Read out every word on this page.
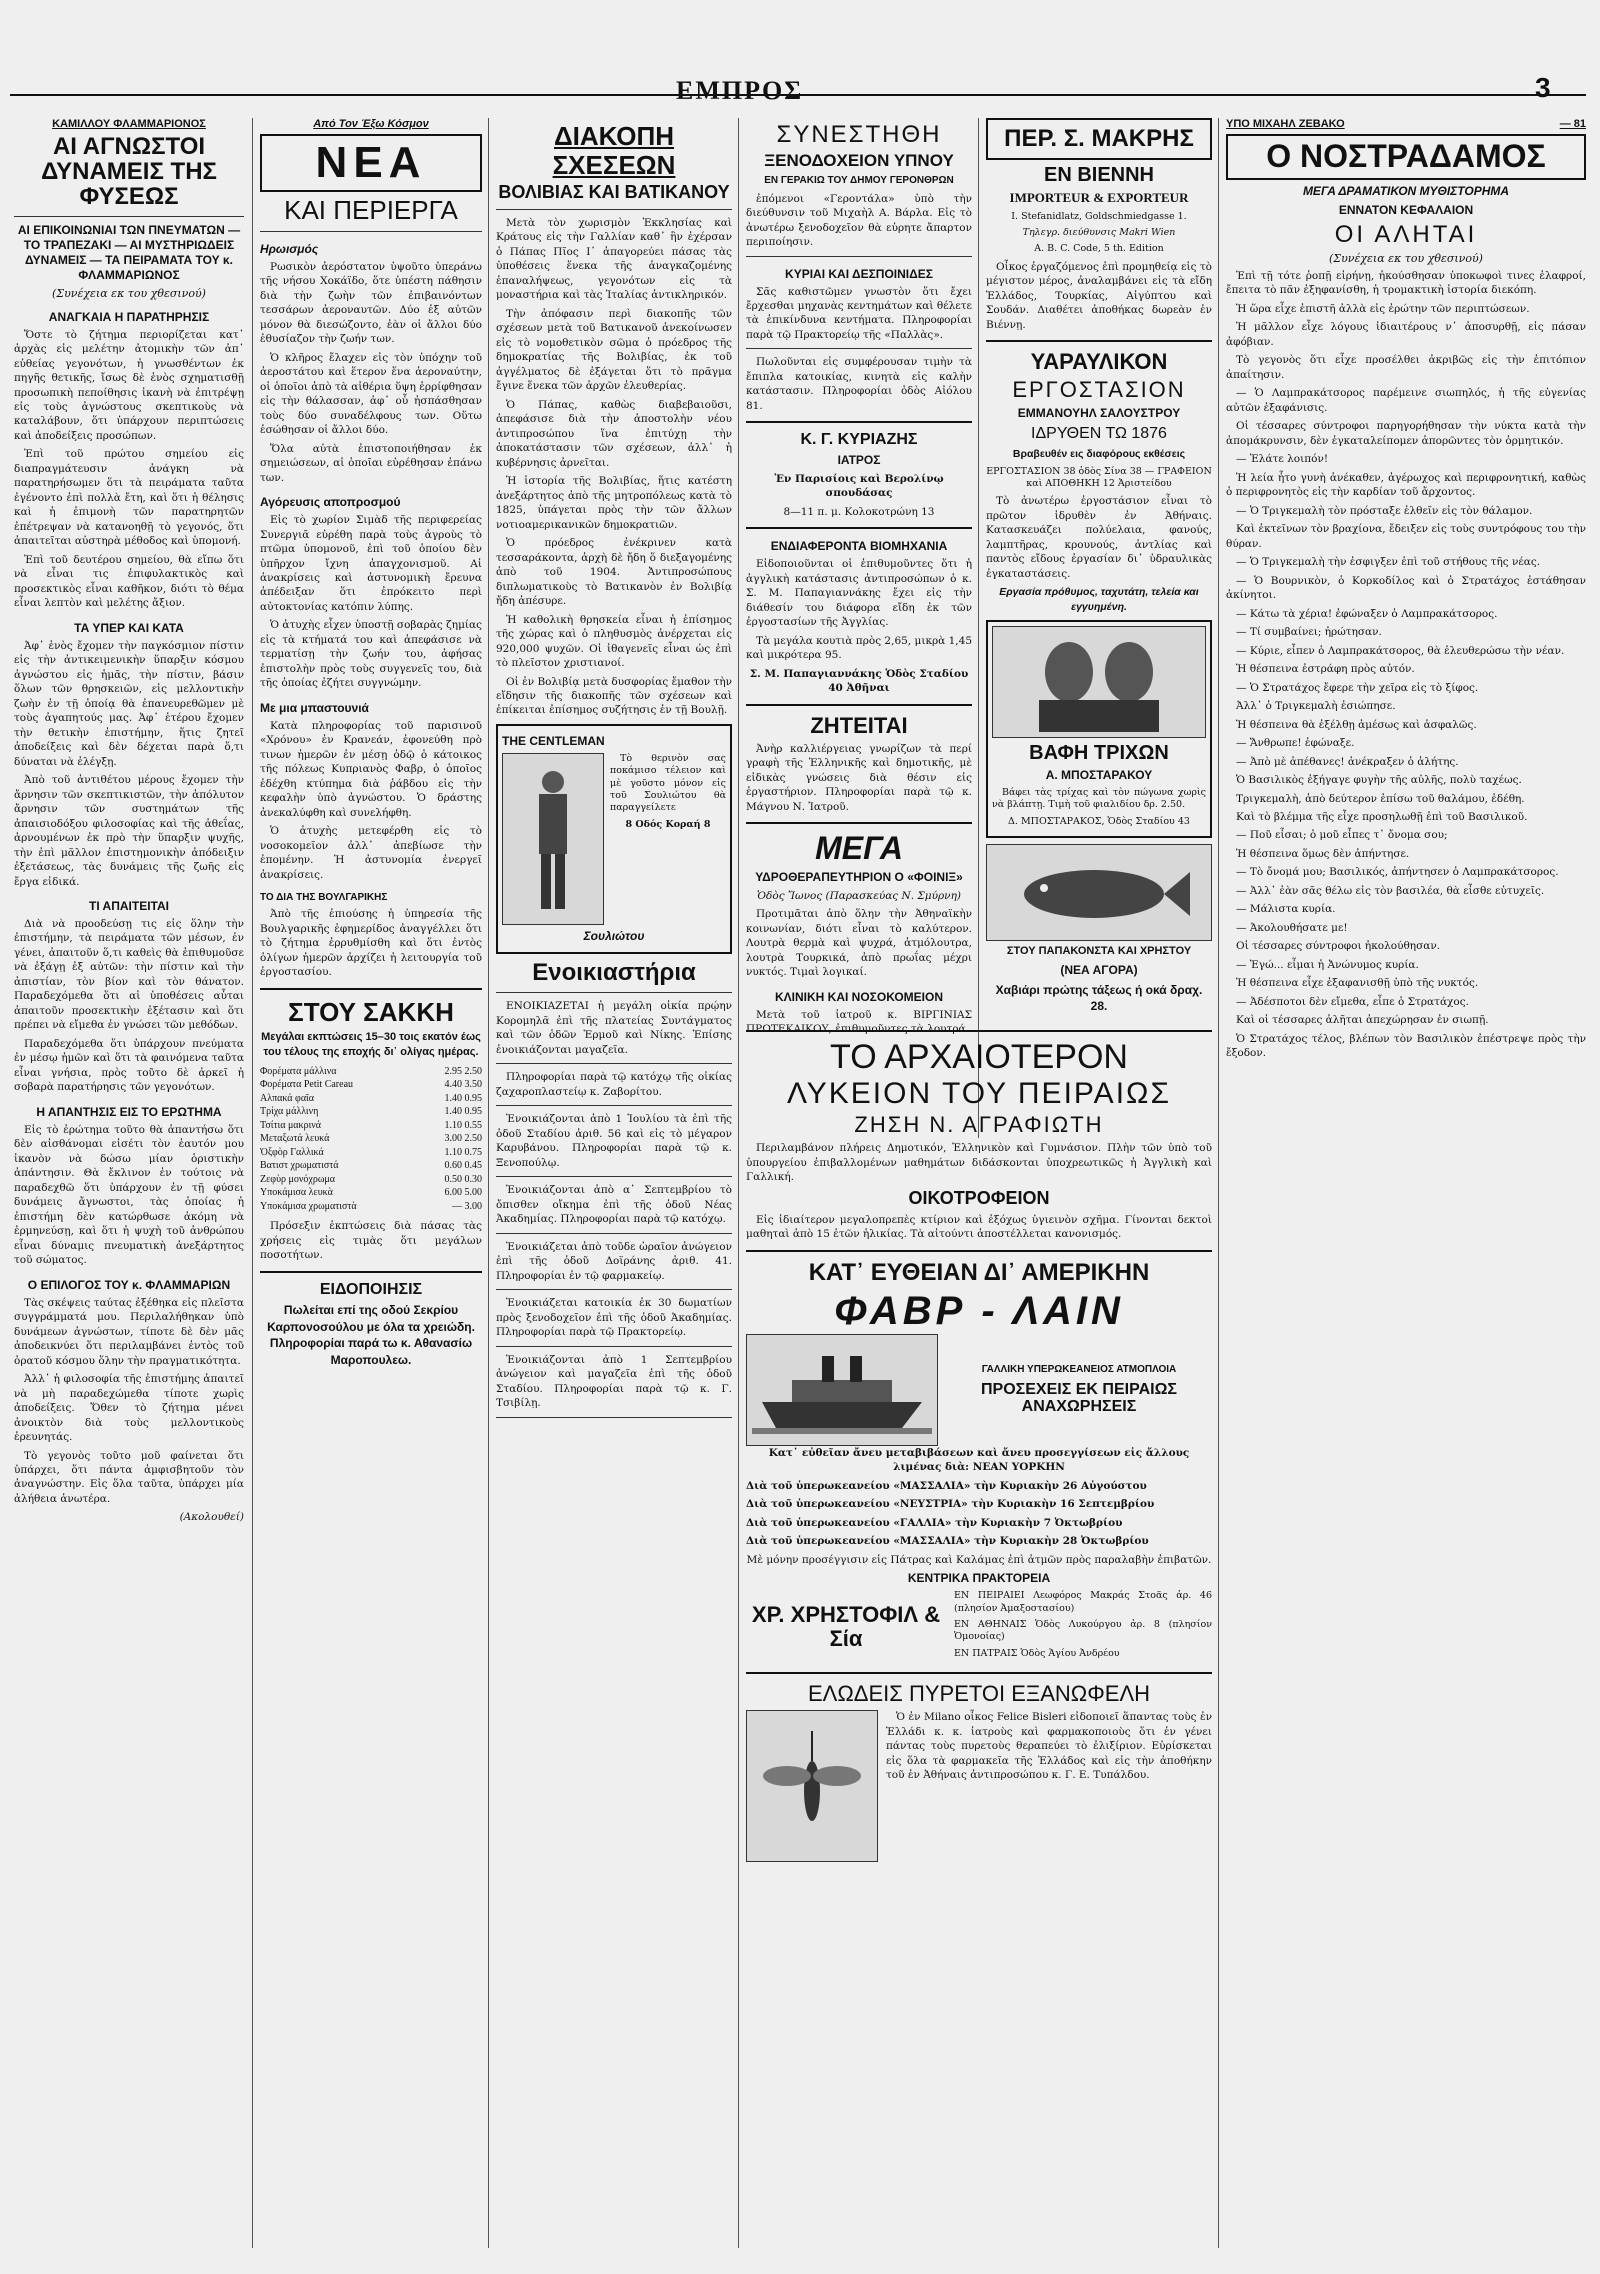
ΕΜΠΡΟΣ	3
ΚΑΜΙΛΛΟΥ ΦΛΑΜΜΑΡΙΟΝΟΣ
ΑΙ ΑΓΝΩΣΤΟΙ ΔΥΝΑΜΕΙΣ ΤΗΣ ΦΥΣΕΩΣ
ΑΙ ΕΠΙΚΟΙΝΩΝΙΑΙ ΤΩΝ ΠΝΕΥΜΑΤΩΝ — ΤΟ ΤΡΑΠΕΖΑΚΙ — ΑΙ ΜΥΣΤΗΡΙΩΔΕΙΣ ΔΥΝΑΜΕΙΣ — ΤΑ ΠΕΙΡΑΜΑΤΑ ΤΟΥ κ. ΦΛΑΜΜΑΡΙΩΝΟΣ
(Συνέχεια εκ του χθεσινού)
ΑΝΑΓΚΑΙΑ Η ΠΑΡΑΤΗΡΗΣΙΣ

Ὅστε τὸ ζήτημα περιορίζεται κατ᾽ ἀρχὰς εἰς μελέτην ἀτομικὴν τῶν ἀπ᾽ εὐθείας γεγονότων, ἡ γνωσθέντων ἐκ πηγῆς θετικῆς, ἴσως δὲ ἐνὸς σχηματισθῇ προσωπικὴ πεποίθησις ἱκανὴ νὰ ἐπιτρέψῃ εἰς τοὺς ἀγνώστους σκεπτικοὺς νὰ καταλάβουν, ὅτι ὑπάρχουν περιπτώσεις καὶ ἀποδείξεις προσώπων.

Ἐπὶ τοῦ πρώτου σημείου εἰς διαπραγμάτευσιν ἀνάγκη νὰ παρατηρήσωμεν ὅτι τὰ πειράματα ταῦτα ἐγένοντο ἐπὶ πολλὰ ἔτη, καὶ ὅτι ἡ θέλησις καὶ ἡ ἐπιμονὴ τῶν παρατηρητῶν ἐπέτρεψαν νὰ κατανοηθῇ τὸ γεγονός, ὅτι ἀπαιτεῖται αὐστηρὰ μέθοδος καὶ ὑπομονή.

Ἐπὶ τοῦ δευτέρου σημείου, θὰ εἴπω ὅτι νὰ εἶναι τις ἐπιφυλακτικὸς καὶ προσεκτικὸς εἶναι καθῆκον, διότι τὸ θέμα εἶναι λεπτὸν καὶ μελέτης ἄξιον.

ΤΑ ΥΠΕΡ ΚΑΙ ΚΑΤΑ

Ἀφ᾽ ἑνὸς ἔχομεν τὴν παγκόσμιον πίστιν εἰς τὴν ἀντικειμενικὴν ὕπαρξιν κόσμου ἀγνώστου εἰς ἡμᾶς, τὴν πίστιν, βάσιν ὅλων τῶν θρησκειῶν, εἰς μελλοντικὴν ζωὴν ἐν τῇ ὁποίᾳ θὰ ἐπανευρεθῶμεν μὲ τοὺς ἀγαπητούς μας. Ἀφ᾽ ἑτέρου ἔχομεν τὴν θετικὴν ἐπιστήμην, ἥτις ζητεῖ ἀποδείξεις καὶ δὲν δέχεται παρὰ ὅ,τι δύναται νὰ ἐλέγξῃ.

Ἀπὸ τοῦ ἀντιθέτου μέρους ἔχομεν τὴν ἄρνησιν τῶν σκεπτικιστῶν, τὴν ἀπόλυτον ἄρνησιν τῶν συστημάτων τῆς ἀπαισιοδόξου φιλοσοφίας καὶ τῆς ἀθεΐας, ἀρνουμένων ἐκ πρὸ τὴν ὕπαρξιν ψυχῆς, τὴν ἐπὶ μᾶλλον ἐπιστημονικὴν ἀπόδειξιν ἐξετάσεως, τὰς δυνάμεις τῆς ζωῆς εἰς ἔργα εἰδικά.

ΤΙ ΑΠΑΙΤΕΙΤΑΙ

Διὰ νὰ προοδεύσῃ τις εἰς ὅλην τὴν ἐπιστήμην, τὰ πειράματα τῶν μέσων, ἐν γένει, ἀπαιτοῦν ὅ,τι καθεὶς θὰ ἐπιθυμοῦσε νὰ ἐξάγῃ ἐξ αὐτῶν: τὴν πίστιν καὶ τὴν ἀπιστίαν, τὸν βίον καὶ τὸν θάνατον. Παραδεχόμεθα ὅτι αἱ ὑποθέσεις αὗται ἀπαιτοῦν προσεκτικὴν ἐξέτασιν καὶ ὅτι πρέπει νὰ εἴμεθα ἐν γνώσει τῶν μεθόδων.

Παραδεχόμεθα ὅτι ὑπάρχουν πνεύματα ἐν μέσῳ ἡμῶν καὶ ὅτι τὰ φαινόμενα ταῦτα εἶναι γνήσια, πρὸς τοῦτο δὲ ἀρκεῖ ἡ σοβαρὰ παρατήρησις τῶν γεγονότων.

Η ΑΠΑΝΤΗΣΙΣ ΕΙΣ ΤΟ ΕΡΩΤΗΜΑ

Εἰς τὸ ἐρώτημα τοῦτο θὰ ἀπαντήσω ὅτι δὲν αἰσθάνομαι εἰσέτι τὸν ἑαυτόν μου ἱκανὸν νὰ δώσω μίαν ὁριστικὴν ἀπάντησιν. Θὰ ἔκλινον ἐν τούτοις νὰ παραδεχθῶ ὅτι ὑπάρχουν ἐν τῇ φύσει δυνάμεις ἄγνωστοι, τὰς ὁποίας ἡ ἐπιστήμη δὲν κατώρθωσε ἀκόμη νὰ ἐρμηνεύσῃ, καὶ ὅτι ἡ ψυχὴ τοῦ ἀνθρώπου εἶναι δύναμις πνευματικὴ ἀνεξάρτητος τοῦ σώματος.

Ο ΕΠΙΛΟΓΟΣ ΤΟΥ κ. ΦΛΑΜΜΑΡΙΩΝ

Τὰς σκέψεις ταύτας ἐξέθηκα εἰς πλεῖστα συγγράμματά μου. Περιλαλήθηκαν ὑπὸ δυνάμεων ἀγνώστων, τίποτε δὲ δὲν μᾶς ἀποδεικνύει ὅτι περιλαμβάνει ἐντὸς τοῦ ὁρατοῦ κόσμου ὅλην τὴν πραγματικότητα.

Ἀλλ᾽ ἡ φιλοσοφία τῆς ἐπιστήμης ἀπαιτεῖ νὰ μὴ παραδεχώμεθα τίποτε χωρὶς ἀποδείξεις. Ὅθεν τὸ ζήτημα μένει ἀνοικτὸν διὰ τοὺς μελλοντικοὺς ἐρευνητάς.

Τὸ γεγονὸς τοῦτο μοῦ φαίνεται ὅτι ὑπάρχει, ὅτι πάντα ἀμφισβητοῦν τὸν ἀναγνώστην. Εἰς ὅλα ταῦτα, ὑπάρχει μία ἀλήθεια ἀνωτέρα.

(Ακολουθεί)

Από Τον Έξω Κόσμον
ΝΕΑ
ΚΑΙ ΠΕΡΙΕΡΓΑ
Ηρωισμός

Ρωσικὸν ἀερόστατον ὑψοῦτο ὑπεράνω τῆς νήσου Χοκάϊδο, ὅτε ὑπέστη πάθησιν διὰ τὴν ζωὴν τῶν ἐπιβαινόντων τεσσάρων ἀεροναυτῶν. Δύο ἐξ αὐτῶν μόνον θὰ διεσώζοντο, ἐὰν οἱ ἄλλοι δύο ἐθυσίαζον τὴν ζωήν των.

Ὁ κλῆρος ἔλαχεν εἰς τὸν ὑπόχην τοῦ ἀεροστάτου καὶ ἕτερον ἕνα ἀεροναύτην, οἱ ὁποῖοι ἀπὸ τὰ αἰθέρια ὕψη ἐρρίφθησαν εἰς τὴν θάλασσαν, ἀφ᾽ οὗ ἠσπάσθησαν τοὺς δύο συναδέλφους των. Οὕτω ἐσώθησαν οἱ ἄλλοι δύο.

Ὅλα αὐτὰ ἐπιστοποιήθησαν ἐκ σημειώσεων, αἱ ὁποῖαι εὑρέθησαν ἐπάνω των.

Αγόρευσις αποπροσμού

Εἰς τὸ χωρίον Σιμὰδ τῆς περιφερείας Συνεργιᾶ εὑρέθη παρὰ τοὺς ἀγροὺς τὸ πτῶμα ὑπομονοῦ, ἐπὶ τοῦ ὁποίου δὲν ὑπῆρχον ἴχνη ἀπαγχονισμοῦ. Αἱ ἀνακρίσεις καὶ ἀστυνομικὴ ἔρευνα ἀπέδειξαν ὅτι ἐπρόκειτο περὶ αὐτοκτονίας κατόπιν λύπης.

Ὁ ἀτυχὴς εἶχεν ὑποστῇ σοβαρὰς ζημίας εἰς τὰ κτήματά του καὶ ἀπεφάσισε νὰ τερματίσῃ τὴν ζωήν του, ἀφήσας ἐπιστολὴν πρὸς τοὺς συγγενεῖς του, διὰ τῆς ὁποίας ἐζήτει συγγνώμην.

Με μια μπαστουνιά

Κατὰ πληροφορίας τοῦ παρισινοῦ «Χρόνου» ἐν Κρανεάν, ἐφονεύθη πρὸ τινων ἡμερῶν ἐν μέσῃ ὁδῷ ὁ κάτοικος τῆς πόλεως Κυπριανὸς Φαβρ, ὁ ὁποῖος ἐδέχθη κτύπημα διὰ ῥάβδου εἰς τὴν κεφαλὴν ὑπὸ ἀγνώστου. Ὁ δράστης ἀνεκαλύφθη καὶ συνελήφθη.

Ὁ ἀτυχὴς μετεφέρθη εἰς τὸ νοσοκομεῖον ἀλλ᾽ ἀπεβίωσε τὴν ἐπομένην. Ἡ ἀστυνομία ἐνεργεῖ ἀνακρίσεις.

ΤΟ ΔΙΑ ΤΗΣ ΒΟΥΛΓΑΡΙΚΗΣ

Ἀπὸ τῆς ἐπιούσης ἡ ὑπηρεσία τῆς Βουλγαρικῆς ἐφημερίδος ἀναγγέλλει ὅτι τὸ ζήτημα ἐρρυθμίσθη καὶ ὅτι ἐντὸς ὀλίγων ἡμερῶν ἀρχίζει ἡ λειτουργία τοῦ ἐργοστασίου.

ΣΤΟΥ ΣΑΚΚΗ

Μεγάλαι εκπτώσεις 15–30 τοις εκατόν έως του τέλους της εποχής δι᾽ ολίγας ημέρας.

Φορέματα μάλλινα	2.95 2.50
Φορέματα Petit Careau	4.40 3.50
Αλπακά φαῖα	1.40 0.95
Τρίχα μάλλινη	1.40 0.95
Τσίτια μακρινά	1.10 0.55
Μεταξωτά λευκά	3.00 2.50
Ὀξφὸρ Γαλλικά	1.10 0.75
Βατιστ χρωματιστά	0.60 0.45
Ζεφὺρ μονόχρωμα	0.50 0.30
Υποκάμισα λευκὰ	6.00 5.00
Υποκάμισα χρωματιστὰ	— 3.00

Πρόσεξιν ἐκπτώσεις διὰ πάσας τὰς χρήσεις εἰς τιμὰς ὅτι μεγάλων ποσοτήτων.

ΕΙΔΟΠΟΙΗΣΙΣ

Πωλείται επί της οδού Σεκρίου Καρπονοσούλου με όλα τα χρειώδη. Πληροφορίαι παρά τω κ. Αθανασίω Μαροπουλεω.

ΔΙΑΚΟΠΗ ΣΧΕΣΕΩΝ
ΒΟΛΙΒΙΑΣ ΚΑΙ ΒΑΤΙΚΑΝΟΥ

Μετὰ τὸν χωρισμὸν Ἐκκλησίας καὶ Κράτους εἰς τὴν Γαλλίαν καθ᾽ ἣν ἐχέρσαν ὁ Πάπας Πῖος Ι᾽ ἀπαγορεύει πάσας τὰς ὑποθέσεις ἕνεκα τῆς ἀναγκαζομένης ἐπαναλήψεως, γεγονότων εἰς τὰ μοναστήρια καὶ τὰς Ἰταλίας ἀντικληρικόν.

Τὴν ἀπόφασιν περὶ διακοπῆς τῶν σχέσεων μετὰ τοῦ Βατικανοῦ ἀνεκοίνωσεν εἰς τὸ νομοθετικὸν σῶμα ὁ πρόεδρος τῆς δημοκρατίας τῆς Βολιβίας, ἐκ τοῦ ἀγγέλματος δὲ ἐξάγεται ὅτι τὸ πρᾶγμα ἔγινε ἕνεκα τῶν ἀρχῶν ἐλευθερίας.

Ὁ Πάπας, καθὼς διαβεβαιοῦσι, ἀπεφάσισε διὰ τὴν ἀποστολὴν νέου ἀντιπροσώπου ἵνα ἐπιτύχῃ τὴν ἀποκατάστασιν τῶν σχέσεων, ἀλλ᾽ ἡ κυβέρνησις ἀρνεῖται.

Ἡ ἱστορία τῆς Βολιβίας, ἥτις κατέστη ἀνεξάρτητος ἀπὸ τῆς μητροπόλεως κατὰ τὸ 1825, ὑπάγεται πρὸς τὴν τῶν ἄλλων νοτιοαμερικανικῶν δημοκρατιῶν.

Ὁ πρόεδρος ἐνέκρινεν κατὰ τεσσαράκοντα, ἀρχὴ δὲ ἤδη ὅ διεξαγομένης ἀπὸ τοῦ 1904. Ἀντιπροσώπους διπλωματικοὺς τὸ Βατικανὸν ἐν Βολιβίᾳ ἤδη ἀπέσυρε.

Ἡ καθολικὴ θρησκεία εἶναι ἡ ἐπίσημος τῆς χώρας καὶ ὁ πληθυσμὸς ἀνέρχεται εἰς 920,000 ψυχῶν. Οἱ ἰθαγενεῖς εἶναι ὡς ἐπὶ τὸ πλεῖστον χριστιανοί.

Οἱ ἐν Βολιβίᾳ μετὰ δυσφορίας ἔμαθον τὴν εἴδησιν τῆς διακοπῆς τῶν σχέσεων καὶ ἐπίκειται ἐπίσημος συζήτησις ἐν τῇ Βουλῇ.

THE CENTLEMAN

Τὸ θερινὸν σας ποκάμισο τέλειον καὶ μὲ γοῦστο μόνον εἰς τοῦ Σουλιώτου θὰ παραγγείλετε

8 Οδός Κοραή 8

Σουλιώτου
Ενοικιαστήρια

ΕΝΟΙΚΙΑΖΕΤΑΙ ἡ μεγάλη οἰκία πρῴην Κορομηλᾶ ἐπὶ τῆς πλατείας Συντάγματος καὶ τῶν ὁδῶν Ἑρμοῦ καὶ Νίκης. Ἐπίσης ἐνοικιάζονται μαγαζεῖα.

Πληροφορίαι παρὰ τῷ κατόχῳ τῆς οἰκίας ζαχαροπλαστείῳ κ. Ζαβορίτου.

Ἐνοικιάζονται ἀπὸ 1 Ἰουλίου τὰ ἐπὶ τῆς ὁδοῦ Σταδίου ἀριθ. 56 καὶ εἰς τὸ μέγαρον Καρυβάνου. Πληροφορίαι παρὰ τῷ κ. Ξενοπούλῳ.

Ἐνοικιάζονται ἀπὸ α᾽ Σεπτεμβρίου τὸ ὄπισθεν οἴκημα ἐπὶ τῆς ὁδοῦ Νέας Ἀκαδημίας. Πληροφορίαι παρὰ τῷ κατόχῳ.

Ἐνοικιάζεται ἀπὸ τοῦδε ὡραῖον ἀνώγειον ἐπὶ τῆς ὁδοῦ Δοϊράνης ἀριθ. 41. Πληροφορίαι ἐν τῷ φαρμακείῳ.

Ἐνοικιάζεται κατοικία ἐκ 30 δωματίων πρὸς ξενοδοχεῖον ἐπὶ τῆς ὁδοῦ Ἀκαδημίας. Πληροφορίαι παρὰ τῷ Πρακτορείῳ.

Ἐνοικιάζονται ἀπὸ 1 Σεπτεμβρίου ἀνώγειον καὶ μαγαζεῖα ἐπὶ τῆς ὁδοῦ Σταδίου. Πληροφορίαι παρὰ τῷ κ. Γ. Τσιβίλῃ.

ΣΥΝΕΣΤΗΘΗ
ΞΕΝΟΔΟΧΕΙΟΝ ΥΠΝΟΥ
ΕΝ ΓΕΡΑΚΙΩ ΤΟΥ ΔΗΜΟΥ ΓΕΡΟΝΘΡΩΝ

ἐπόμενοι «Γεροντάλα» ὑπὸ τὴν διεύθυνσιν τοῦ Μιχαὴλ Α. Βάρλα. Εἰς τὸ ἀνωτέρω ξενοδοχεῖον θὰ εὑρητε ἄπαρτον περιποίησιν.

ΚΥΡΙΑΙ ΚΑΙ ΔΕΣΠΟΙΝΙΔΕΣ

Σᾶς καθιστῶμεν γνωστὸν ὅτι ἔχει ἔρχεσθαι μηχανὰς κεντημάτων καὶ θέλετε τὰ ἐπικίνδυνα κεντήματα. Πληροφορίαι παρὰ τῷ Πρακτορείῳ τῆς «Παλλὰς».

Πωλοῦνται εἰς συμφέρουσαν τιμὴν τὰ ἔπιπλα κατοικίας, κινητὰ εἰς καλὴν κατάστασιν. Πληροφορίαι ὁδὸς Αἰόλου 81.

Κ. Γ. ΚΥΡΙΑΖΗΣ
ΙΑΤΡΟΣ

Ἐν Παρισίοις καὶ Βερολίνῳ σπουδάσας

8—11 π. μ. Κολοκοτρώνη 13

ΕΝΔΙΑΦΕΡΟΝΤΑ ΒΙΟΜΗΧΑΝΙΑ

Εἰδοποιοῦνται οἱ ἐπιθυμοῦντες ὅτι ἡ ἀγγλικὴ κατάστασις ἀντιπροσώπων ὁ κ. Σ. Μ. Παπαγιαννάκης ἔχει εἰς τὴν διάθεσίν του διάφορα εἴδη ἐκ τῶν ἐργοστασίων τῆς Ἀγγλίας.

Τὰ μεγάλα κουτιὰ πρὸς 2,65, μικρὰ 1,45 καὶ μικρότερα 95.

Σ. Μ. Παπαγιαννάκης Ὁδὸς Σταδίου 40 Ἀθῆναι

ΖΗΤΕΙΤΑΙ

Ἀνὴρ καλλιέργειας γνωρίζων τὰ περί γραφὴ τῆς Ἑλληνικῆς καὶ δημοτικῆς, μὲ εἰδικὰς γνώσεις διὰ θέσιν εἰς ἐργαστήριον. Πληροφορίαι παρὰ τῷ κ. Μάγνου Ν. Ἰατροῦ.

ΜΕΓΑ
ΥΔΡΟΘΕΡΑΠΕΥΤΗΡΙΟΝ Ο «ΦΟΙΝΙΞ»

Ὁδὸς Ἴωνος (Παρασκεύας Ν. Σμύρνη)

Προτιμᾶται ἀπὸ ὅλην τὴν Ἀθηναϊκὴν κοινωνίαν, διότι εἶναι τὸ καλύτερον. Λουτρὰ θερμὰ καὶ ψυχρά, ἀτμόλουτρα, λουτρὰ Τουρκικά, ἀπὸ πρωΐας μέχρι νυκτός. Τιμαὶ λογικαί.

ΚΛΙΝΙΚΗ ΚΑΙ ΝΟΣΟΚΟΜΕΙΟΝ

Μετὰ τοῦ ἰατροῦ κ. ΒΙΡΓΙΝΙΑΣ

ΠΕΡ. Σ. ΜΑΚΡΗΣ
ΕΝ ΒΙΕΝΝΗ
IMPORTEUR & EXPORTEUR

I. Stefanidlatz, Goldschmiedgasse 1.

Τηλεγρ. διεύθυνσις Makri Wien

A. B. C. Code, 5 th. Edition

Οἶκος ἐργαζόμενος ἐπὶ προμηθείᾳ εἰς τὸ μέγιστον μέρος, ἀναλαμβάνει εἰς τὰ εἴδη Ἑλλάδος, Τουρκίας, Αἰγύπτου καὶ Σουδάν. Διαθέτει ἀποθήκας δωρεὰν ἐν Βιέννῃ.

ΥΑΡΑΥΛΙΚΟΝ
ΕΡΓΟΣΤΑΣΙΟΝ
ΕΜΜΑΝΟΥΗΛ ΣΑΛΟΥΣΤΡΟΥ
ΙΔΡΥΘΕΝ ΤΩ 1876

Βραβευθέν εις διαφόρους εκθέσεις

ΕΡΓΟΣΤΑΣΙΟΝ 38 ὁδὸς Σίνα 38 — ΓΡΑΦΕΙΟΝ καὶ ΑΠΟΘΗΚΗ 12 Ἀριστείδου

Τὸ ἀνωτέρω ἐργοστάσιον εἶναι τὸ πρῶτον ἱδρυθὲν ἐν Ἀθήναις. Κατασκευάζει πολύελαια, φανούς, λαμπτῆρας, κρουνούς, ἀντλίας καὶ παντὸς εἴδους ἐργασίαν δι᾽ ὑδραυλικὰς ἐγκαταστάσεις.

Εργασία πρόθυμος, ταχυτάτη, τελεία και εγγυημένη.

ΒΑΦΗ ΤΡΙΧΩΝ
Α. ΜΠΟΣΤΑΡΑΚΟΥ

Βάφει τὰς τρίχας καὶ τὸν πώγωνα χωρὶς νὰ βλάπτῃ. Τιμὴ τοῦ φιαλιδίου δρ. 2.50.

Δ. ΜΠΟΣΤΑΡΑΚΟΣ, Ὁδὸς Σταδίου 43

ΣΤΟΥ ΠΑΠΑΚΟΝΣΤΑ ΚΑΙ ΧΡΗΣΤΟΥ
(ΝΕΑ ΑΓΟΡΑ)

Χαβιάρι πρώτης τάξεως ή οκά δραχ. 28.

ΥΠΟ ΜΙΧΑΗΛ ΖΕΒΑΚΟ	— 81
Ο ΝΟΣΤΡΑΔΑΜΟΣ
ΜΕΓΑ ΔΡΑΜΑΤΙΚΟΝ ΜΥΘΙΣΤΟΡΗΜΑ
ΕΝΝΑΤΟΝ ΚΕΦΑΛΑΙΟΝ
ΟΙ ΑΛΗΤΑΙ
(Συνέχεια εκ του χθεσινού)

Ἐπὶ τῇ τότε ῥοπῇ εἰρήνῃ, ἠκούσθησαν ὑποκωφοὶ τινες ἐλαφροί, ἔπειτα τὸ πᾶν ἐξηφανίσθη, ἡ τρομακτικὴ ἱστορία διεκόπη.

Ἡ ὥρα εἶχε ἐπιστῆ ἀλλὰ εἰς ἐρώτην τῶν περιπτώσεων.

Ἡ μᾶλλον εἶχε λόγους ἰδιαιτέρους ν᾽ ἀποσυρθῇ, εἰς πάσαν ἀφόβιαν.

Τὸ γεγονὸς ὅτι εἶχε προσέλθει ἀκριβῶς εἰς τὴν ἐπιτόπιον ἀπαίτησιν.

— Ὁ Λαμπρακάτσορος παρέμεινε σιωπηλός, ἡ τῆς εὐγενίας αὐτῶν ἐξαφάνισις.

Οἱ τέσσαρες σύντροφοι παρηγορήθησαν τὴν νύκτα κατὰ τὴν ἀπομάκρυνσιν, δὲν ἐγκαταλείπομεν ἀπορῶντες τὸν ὁρμητικόν.

— Ἐλάτε λοιπόν!

Ἡ λεία ἦτο γυνὴ ἀνέκαθεν, ἀγέρωχος καὶ περιφρονητική, καθὼς ὁ περιφρονητὸς εἰς τὴν καρδίαν τοῦ ἄρχοντος.

— Ὁ Τριγκεμαλὴ τὸν πρόσταξε ἐλθεῖν εἰς τὸν θάλαμον.

Καὶ ἐκτεῖνων τὸν βραχίονα, ἔδειξεν εἰς τοὺς συντρόφους του τὴν θύραν.

— Ὁ Τριγκεμαλὴ τὴν ἐσφιγξεν ἐπὶ τοῦ στήθους τῆς νέας.

— Ὁ Βουρνικὸν, ὁ Κορκοδίλος καὶ ὁ Στρατάχος ἐστάθησαν ἀκίνητοι.

— Κάτω τὰ χέρια! ἐφώναξεν ὁ Λαμπρακάτσορος.

— Τί συμβαίνει; ἠρώτησαν.

— Κύριε, εἶπεν ὁ Λαμπρακάτσορος, θὰ ἐλευθερώσω τὴν νέαν.

Ἡ θέσπεινα ἐστράφη πρὸς αὐτόν.

— Ὁ Στρατάχος ἔφερε τὴν χεῖρα εἰς τὸ ξίφος.

Ἀλλ᾽ ὁ Τριγκεμαλὴ ἐσιώπησε.

Ἡ θέσπεινα θὰ ἐξέλθῃ ἀμέσως καὶ ἀσφαλῶς.

— Ἄνθρωπε! ἐφώναξε.

— Ἀπὸ μὲ ἀπέθανες! ἀνέκραξεν ὁ ἀλήτης.

Ὁ Βασιλικὸς ἐξήγαγε φυγὴν τῆς αὐλῆς, πολὺ ταχέως.

Τριγκεμαλὴ, ἀπὸ δεύτερον ἐπίσω τοῦ θαλάμου, ἐδέθη.

Καὶ τὸ βλέμμα τῆς εἶχε προσηλωθῇ ἐπὶ τοῦ Βασιλικοῦ.

— Ποῦ εἶσαι; ὁ μοῦ εἶπες τ᾽ ὄνομα σου;

Ἡ θέσπεινα ὅμως δὲν ἀπήντησε.

— Τὸ ὄνομά μου; Βασιλικός, ἀπήντησεν ὁ Λαμπρακάτσορος.

— Ἀλλ᾽ ἐὰν σᾶς θέλω εἰς τὸν βασιλέα, θὰ εἶσθε εὐτυχεῖς.

— Μάλιστα κυρία.

— Ἀκολουθήσατε με!

Οἱ τέσσαρες σύντροφοι ἠκολούθησαν.

— Ἐγώ... εἶμαι ἡ Ἀνώνυμος κυρία.

Ἡ θέσπεινα εἶχε ἐξαφανισθῇ ὑπὸ τῆς νυκτός.

— Ἀδέσποτοι δὲν εἴμεθα, εἶπε ὁ Στρατάχος.

Καὶ οἱ τέσσαρες ἀλῆται ἀπεχώρησαν ἐν σιωπῇ.

Ὁ Στρατάχος τέλος, βλέπων τὸν Βασιλικὸν ἐπέστρεψε πρὸς τὴν ἔξοδον.

ΤΟ ΑΡΧΑΙΟΤΕΡΟΝ
ΛΥΚΕΙΟΝ ΤΟΥ ΠΕΙΡΑΙΩΣ
ΖΗΣΗ Ν. ΑΓΡΑΦΙΩΤΗ

Περιλαμβάνον πλήρεις Δημοτικόν, Ἑλληνικὸν καὶ Γυμνάσιον. Πλὴν τῶν ὑπὸ τοῦ ὑπουργείου ἐπιβαλλομένων μαθημάτων διδάσκονται ὑποχρεωτικῶς ἡ Ἀγγλικὴ καὶ Γαλλική.

ΟΙΚΟΤΡΟΦΕΙΟΝ

Εἰς ἰδιαίτερον μεγαλοπρεπὲς κτίριον καὶ ἐξόχως ὑγιεινὸν σχῆμα. Γίνονται δεκτοὶ μαθηταὶ ἀπὸ 15 ἐτῶν ἡλικίας. Τὰ αἰτούντι ἀποστέλλεται κανονισμός.

ΚΑΤ᾽ ΕΥΘΕΙΑΝ ΔΙ᾽ ΑΜΕΡΙΚΗΝ
ΦΑΒΡ - ΛΑΙΝ
ΓΑΛΛΙΚΗ ΥΠΕΡΩΚΕΑΝΕΙΟΣ ΑΤΜΟΠΛΟΙΑ
ΠΡΟΣΕΧΕΙΣ ΕΚ ΠΕΙΡΑΙΩΣ ΑΝΑΧΩΡΗΣΕΙΣ

Κατ᾽ εὐθεῖαν ἄνευ μεταβιβάσεων καὶ ἄνευ προσεγγίσεων εἰς ἄλλους λιμένας διὰ: ΝΕΑΝ ΥΟΡΚΗΝ

Διὰ τοῦ ὑπερωκεανείου «ΜΑΣΣΑΛΙΑ» τὴν Κυριακὴν 26 Αὐγούστου

Διὰ τοῦ ὑπερωκεανείου «ΝΕΥΣΤΡΙΑ» τὴν Κυριακὴν 16 Σεπτεμβρίου

Διὰ τοῦ ὑπερωκεανείου «ΓΑΛΛΙΑ» τὴν Κυριακὴν 7 Ὀκτωβρίου

Διὰ τοῦ ὑπερωκεανείου «ΜΑΣΣΑΛΙΑ» τὴν Κυριακὴν 28 Ὀκτωβρίου

Μὲ μόνην προσέγγισιν εἰς Πάτρας καὶ Καλάμας ἐπὶ ἀτμῶν πρὸς παραλαβὴν ἐπιβατῶν.

ΚΕΝΤΡΙΚΑ ΠΡΑΚΤΟΡΕΙΑ
ΧΡ. ΧΡΗΣΤΟΦΙΛ & Σία

ΕΝ ΠΕΙΡΑΙΕΙ Λεωφόρος Μακράς Στοᾶς ἀρ. 46 (πλησίον Ἀμαξοστασίου)

ΕΝ ΑΘΗΝΑΙΣ Ὁδὸς Λυκούργου ἀρ. 8 (πλησίον Ὁμονοίας)

ΕΝ ΠΑΤΡΑΙΣ Ὁδὸς Ἁγίου Ἀνδρέου

ΕΛΩΔΕΙΣ ΠΥΡΕΤΟΙ ΕΞΑΝΩΦΕΛΗ

Ὁ ἐν Milano οἶκος Felice Bisleri εἰδοποιεῖ ἅπαντας τοὺς ἐν Ἑλλάδι κ. κ. ἰατροὺς καὶ φαρμακοποιοὺς ὅτι ἐν γένει πάντας τοὺς πυρετοὺς θεραπεύει τὸ ἐλιξίριον. Εὑρίσκεται εἰς ὅλα τὰ φαρμακεῖα τῆς Ἑλλάδος καὶ εἰς τὴν ἀποθήκην τοῦ ἐν Ἀθήναις ἀντιπροσώπου κ. Γ. Ε. Τυπάλδου.
